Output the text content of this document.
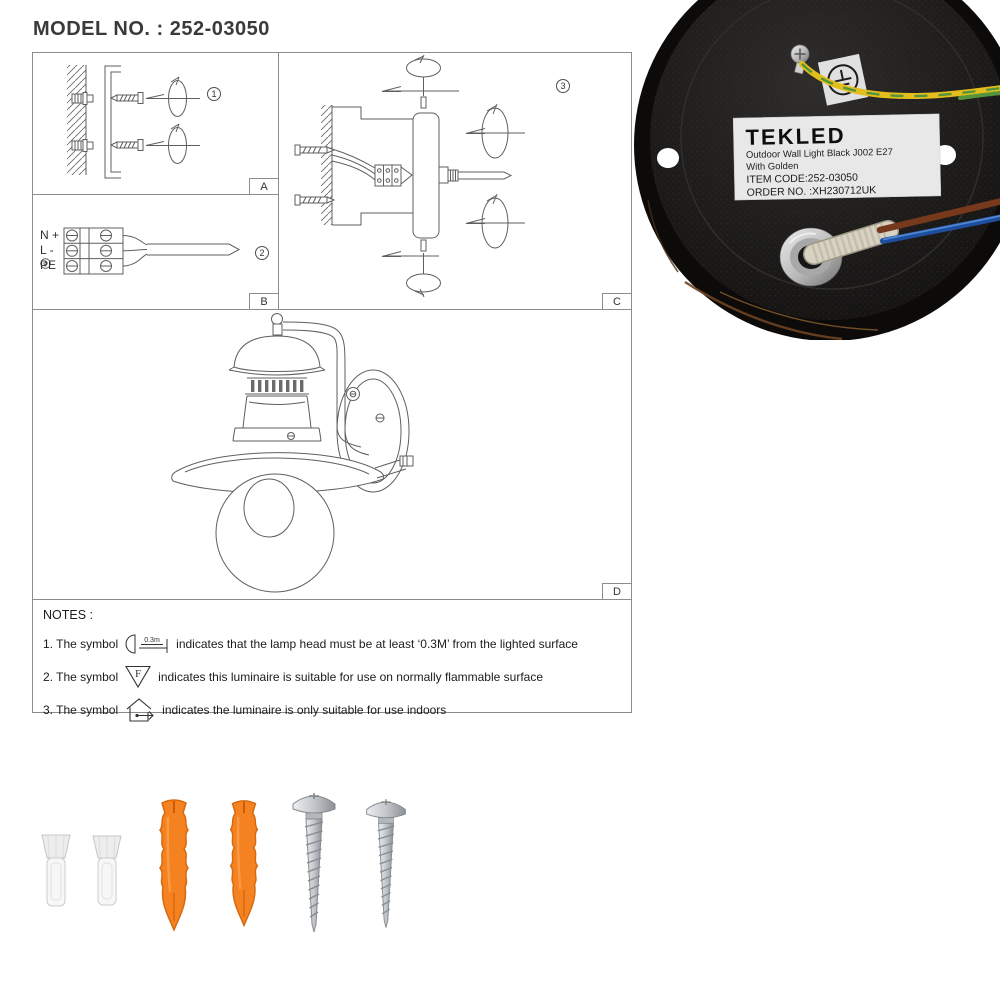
MODEL NO. : 252-03050
1
A
N +
L -
PE
2
B
3
C
D
NOTES :
1. The symbol	0.3m indicates that the lamp head must be at least ‘0.3M’ from the lighted surface
2. The symbol F indicates this luminaire is suitable for use on normally flammable surface
3. The symbol	indicates the luminaire is only suitable for use indoors
TEKLED
Outdoor Wall Light Black J002 E27
With Golden
ITEM CODE:252-03050
ORDER NO. :XH230712UK
